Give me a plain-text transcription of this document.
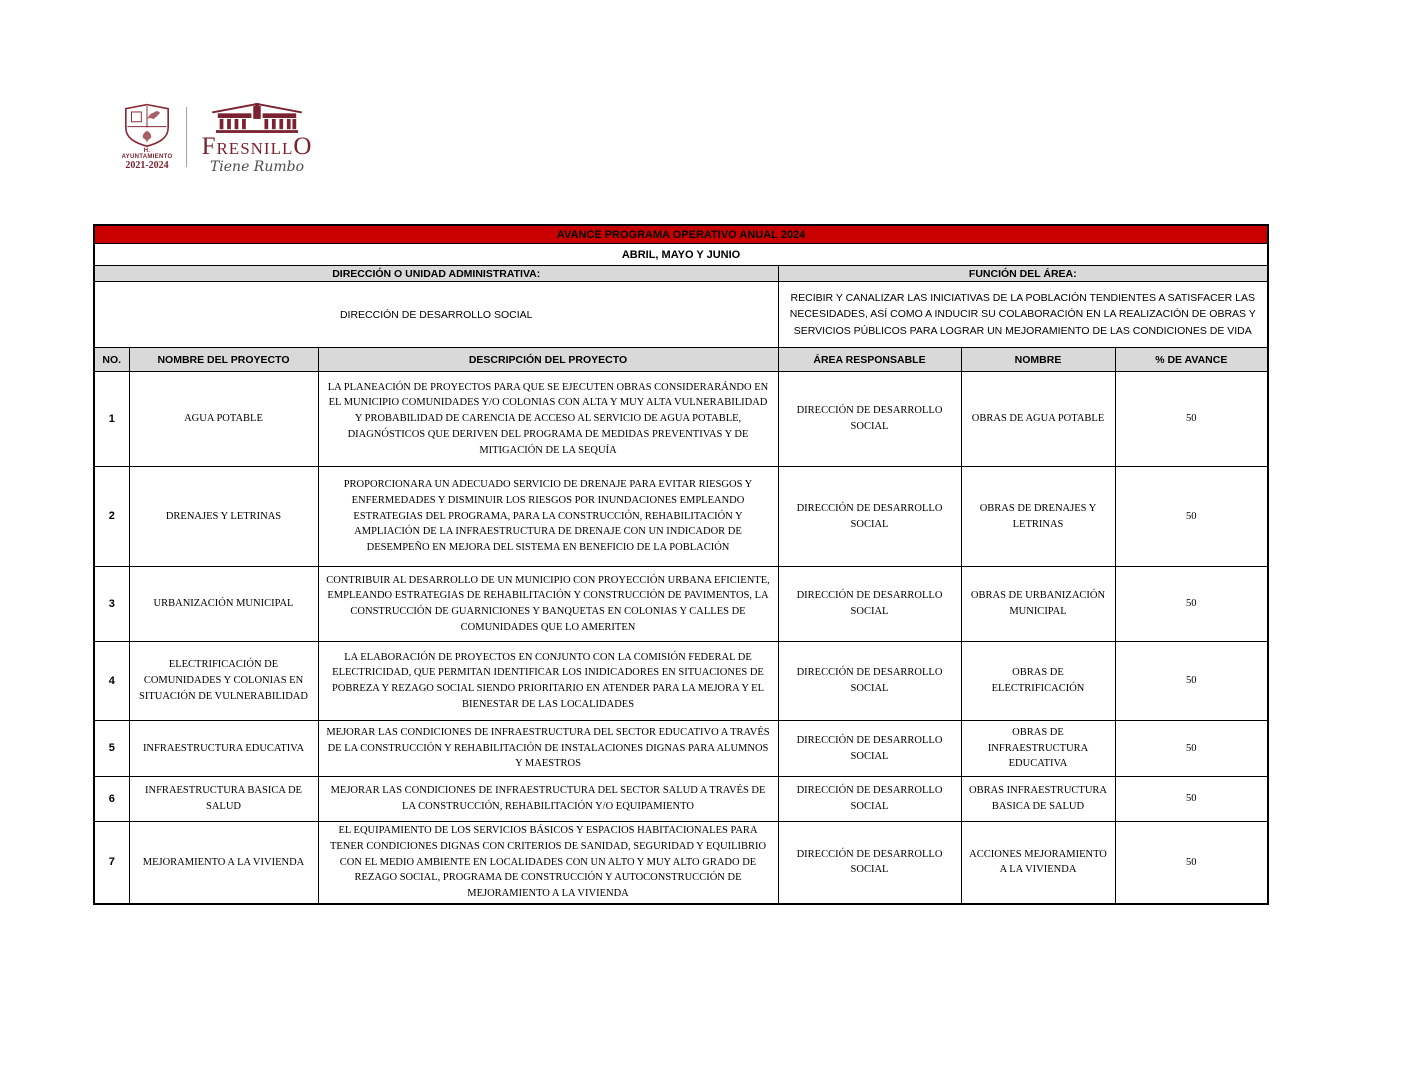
H. AYUNTAMIENTO
2021-2024
FRESNILLO
Tiene Rumbo
AVANCE PROGRAMA OPERATIVO ANUAL 2024					
ABRIL, MAYO Y JUNIO					
DIRECCIÓN O UNIDAD ADMINISTRATIVA:			FUNCIÓN DEL ÁREA:		
DIRECCIÓN DE DESARROLLO SOCIAL			RECIBIR Y CANALIZAR LAS INICIATIVAS DE LA POBLACIÓN TENDIENTES A SATISFACER LAS NECESIDADES, ASÍ COMO A INDUCIR SU COLABORACIÓN EN LA REALIZACIÓN DE OBRAS Y SERVICIOS PÚBLICOS PARA LOGRAR UN MEJORAMIENTO DE LAS CONDICIONES DE VIDA		
NO.	NOMBRE DEL PROYECTO	DESCRIPCIÓN DEL PROYECTO	ÁREA RESPONSABLE	NOMBRE	% DE AVANCE
1	AGUA POTABLE	LA PLANEACIÓN DE PROYECTOS PARA QUE SE EJECUTEN OBRAS CONSIDERARÁNDO EN EL MUNICIPIO COMUNIDADES Y/O COLONIAS CON ALTA Y MUY ALTA VULNERABILIDAD Y PROBABILIDAD DE CARENCIA DE ACCESO AL SERVICIO DE AGUA POTABLE, DIAGNÓSTICOS QUE DERIVEN DEL PROGRAMA DE MEDIDAS PREVENTIVAS Y DE MITIGACIÓN DE LA SEQUÍA	DIRECCIÓN DE DESARROLLO SOCIAL	OBRAS DE AGUA POTABLE	50
2	DRENAJES Y LETRINAS	PROPORCIONARA UN ADECUADO SERVICIO DE DRENAJE PARA EVITAR RIESGOS Y ENFERMEDADES Y DISMINUIR LOS RIESGOS POR INUNDACIONES EMPLEANDO ESTRATEGIAS DEL PROGRAMA, PARA LA CONSTRUCCIÓN, REHABILITACIÓN Y AMPLIACIÓN DE LA INFRAESTRUCTURA DE DRENAJE CON UN INDICADOR DE DESEMPEÑO EN MEJORA DEL SISTEMA EN BENEFICIO DE LA POBLACIÓN	DIRECCIÓN DE DESARROLLO SOCIAL	OBRAS DE DRENAJES Y LETRINAS	50
3	URBANIZACIÓN MUNICIPAL	CONTRIBUIR AL DESARROLLO DE UN MUNICIPIO CON PROYECCIÓN URBANA EFICIENTE, EMPLEANDO ESTRATEGIAS DE REHABILITACIÓN Y CONSTRUCCIÓN DE PAVIMENTOS, LA CONSTRUCCIÓN DE GUARNICIONES Y BANQUETAS EN COLONIAS Y CALLES DE COMUNIDADES QUE LO AMERITEN	DIRECCIÓN DE DESARROLLO SOCIAL	OBRAS DE URBANIZACIÓN MUNICIPAL	50
4	ELECTRIFICACIÓN DE COMUNIDADES Y COLONIAS EN SITUACIÓN DE VULNERABILIDAD	LA ELABORACIÓN DE PROYECTOS EN CONJUNTO CON LA COMISIÓN FEDERAL DE ELECTRICIDAD, QUE PERMITAN IDENTIFICAR LOS INIDICADORES EN SITUACIONES DE POBREZA Y REZAGO SOCIAL SIENDO PRIORITARIO EN ATENDER PARA LA MEJORA Y EL BIENESTAR DE LAS LOCALIDADES	DIRECCIÓN DE DESARROLLO SOCIAL	OBRAS DE ELECTRIFICACIÓN	50
5	INFRAESTRUCTURA EDUCATIVA	MEJORAR LAS CONDICIONES DE INFRAESTRUCTURA DEL SECTOR EDUCATIVO A TRAVÉS DE LA CONSTRUCCIÓN Y REHABILITACIÓN DE INSTALACIONES DIGNAS PARA ALUMNOS Y MAESTROS	DIRECCIÓN DE DESARROLLO SOCIAL	OBRAS DE INFRAESTRUCTURA EDUCATIVA	50
6	INFRAESTRUCTURA BASICA DE SALUD	MEJORAR LAS CONDICIONES DE INFRAESTRUCTURA DEL SECTOR SALUD A TRAVÉS DE LA CONSTRUCCIÓN, REHABILITACIÓN Y/O EQUIPAMIENTO	DIRECCIÓN DE DESARROLLO SOCIAL	OBRAS INFRAESTRUCTURA BASICA DE SALUD	50
7	MEJORAMIENTO A LA VIVIENDA	EL EQUIPAMIENTO DE LOS SERVICIOS BÁSICOS Y ESPACIOS HABITACIONALES PARA TENER CONDICIONES DIGNAS CON CRITERIOS DE SANIDAD, SEGURIDAD Y EQUILIBRIO CON EL MEDIO AMBIENTE EN LOCALIDADES CON UN ALTO Y MUY ALTO GRADO DE REZAGO SOCIAL, PROGRAMA DE CONSTRUCCIÓN Y AUTOCONSTRUCCIÓN DE MEJORAMIENTO A LA VIVIENDA	DIRECCIÓN DE DESARROLLO SOCIAL	ACCIONES MEJORAMIENTO A LA VIVIENDA	50
